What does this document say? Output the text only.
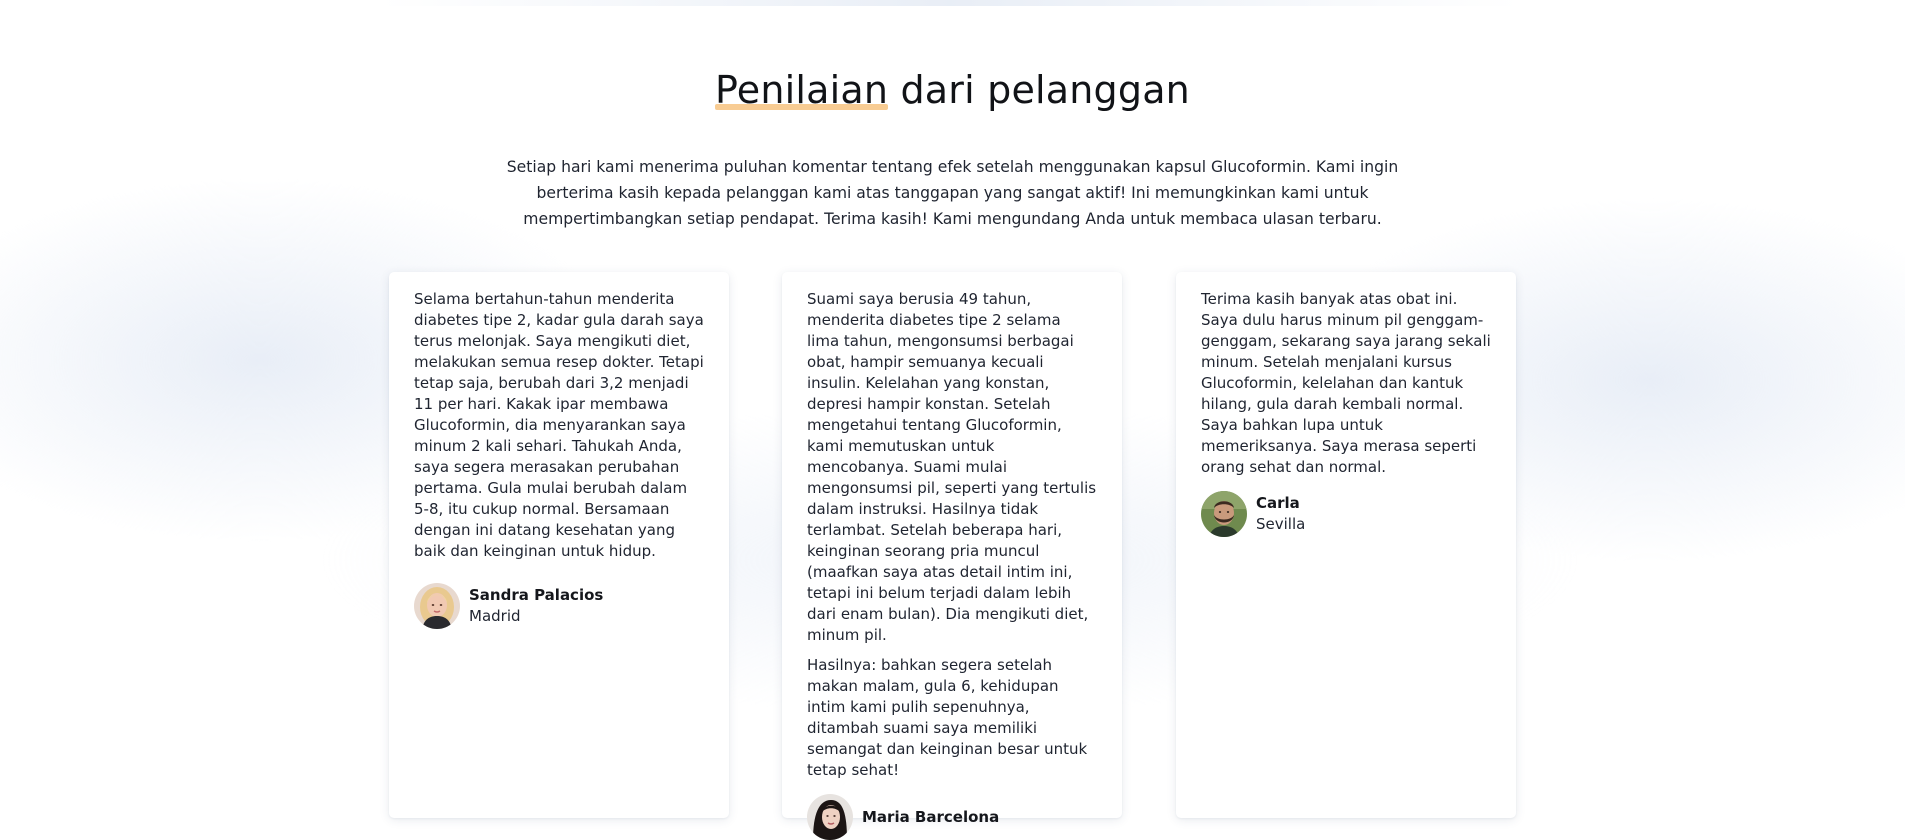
Penilaian
dari pelanggan

Setiap hari kami menerima puluhan komentar tentang efek setelah menggunakan kapsul Glucoformin. Kami ingin berterima kasih kepada pelanggan kami atas tanggapan yang sangat aktif! Ini memungkinkan kami untuk mempertimbangkan setiap pendapat. Terima kasih! Kami mengundang Anda untuk membaca ulasan terbaru.

Selama bertahun-tahun menderita diabetes tipe 2, kadar gula darah saya terus melonjak. Saya mengikuti diet, melakukan semua resep dokter. Tetapi tetap saja, berubah dari 3,2 menjadi 11 per hari. Kakak ipar membawa Glucoformin, dia menyarankan saya minum 2 kali sehari. Tahukah Anda, saya segera merasakan perubahan pertama. Gula mulai berubah dalam 5-8, itu cukup normal. Bersamaan dengan ini datang kesehatan yang baik dan keinginan untuk hidup.

Sandra Palacios
Madrid

Suami saya berusia 49 tahun, menderita diabetes tipe 2 selama lima tahun, mengonsumsi berbagai obat, hampir semuanya kecuali insulin. Kelelahan yang konstan, depresi hampir konstan. Setelah mengetahui tentang Glucoformin, kami memutuskan untuk mencobanya. Suami mulai mengonsumsi pil, seperti yang tertulis dalam instruksi. Hasilnya tidak terlambat. Setelah beberapa hari, keinginan seorang pria muncul (maafkan saya atas detail intim ini, tetapi ini belum terjadi dalam lebih dari enam bulan). Dia mengikuti diet, minum pil.

Hasilnya: bahkan segera setelah makan malam, gula 6, kehidupan intim kami pulih sepenuhnya, ditambah suami saya memiliki semangat dan keinginan besar untuk tetap sehat!

Maria Barcelona

Terima kasih banyak atas obat ini. Saya dulu harus minum pil genggam-genggam, sekarang saya jarang sekali minum. Setelah menjalani kursus Glucoformin, kelelahan dan kantuk hilang, gula darah kembali normal. Saya bahkan lupa untuk memeriksanya. Saya merasa seperti orang sehat dan normal.

Carla
Sevilla
